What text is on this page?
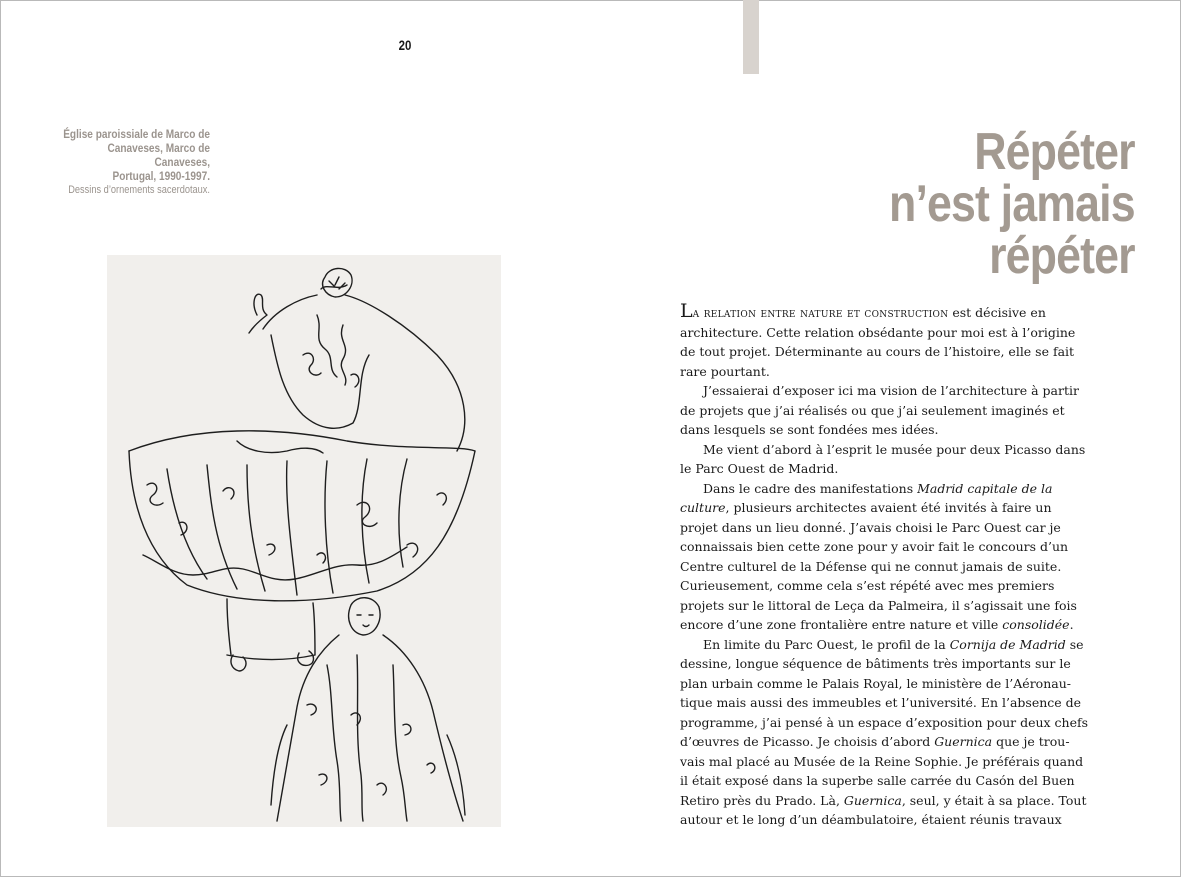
20
Église paroissiale de Marco de
Canaveses, Marco de Canaveses,
Portugal, 1990-1997.
Dessins d’ornements sacerdotaux.
Répéter
n’est jamais
répéter

La relation entre nature et construction est décisive en
architecture. Cette relation obsédante pour moi est à l’origine
de tout projet. Déterminante au cours de l’histoire, elle se fait
rare pourtant.

J’essaierai d’exposer ici ma vision de l’architecture à partir
de projets que j’ai réalisés ou que j’ai seulement imaginés et
dans lesquels se sont fondées mes idées.

Me vient d’abord à l’esprit le musée pour deux Picasso dans
le Parc Ouest de Madrid.

Dans le cadre des manifestations Madrid capitale de la
culture, plusieurs architectes avaient été invités à faire un
projet dans un lieu donné. J’avais choisi le Parc Ouest car je
connaissais bien cette zone pour y avoir fait le concours d’un
Centre culturel de la Défense qui ne connut jamais de suite.
Curieusement, comme cela s’est répété avec mes premiers
projets sur le littoral de Leça da Palmeira, il s’agissait une fois
encore d’une zone frontalière entre nature et ville consolidée.

En limite du Parc Ouest, le profil de la Cornija de Madrid se
dessine, longue séquence de bâtiments très importants sur le
plan urbain comme le Palais Royal, le ministère de l’Aéronau-
tique mais aussi des immeubles et l’université. En l’absence de
programme, j’ai pensé à un espace d’exposition pour deux chefs
d’œuvres de Picasso. Je choisis d’abord Guernica que je trou-
vais mal placé au Musée de la Reine Sophie. Je préférais quand
il était exposé dans la superbe salle carrée du Casón del Buen
Retiro près du Prado. Là, Guernica, seul, y était à sa place. Tout
autour et le long d’un déambulatoire, étaient réunis travaux
